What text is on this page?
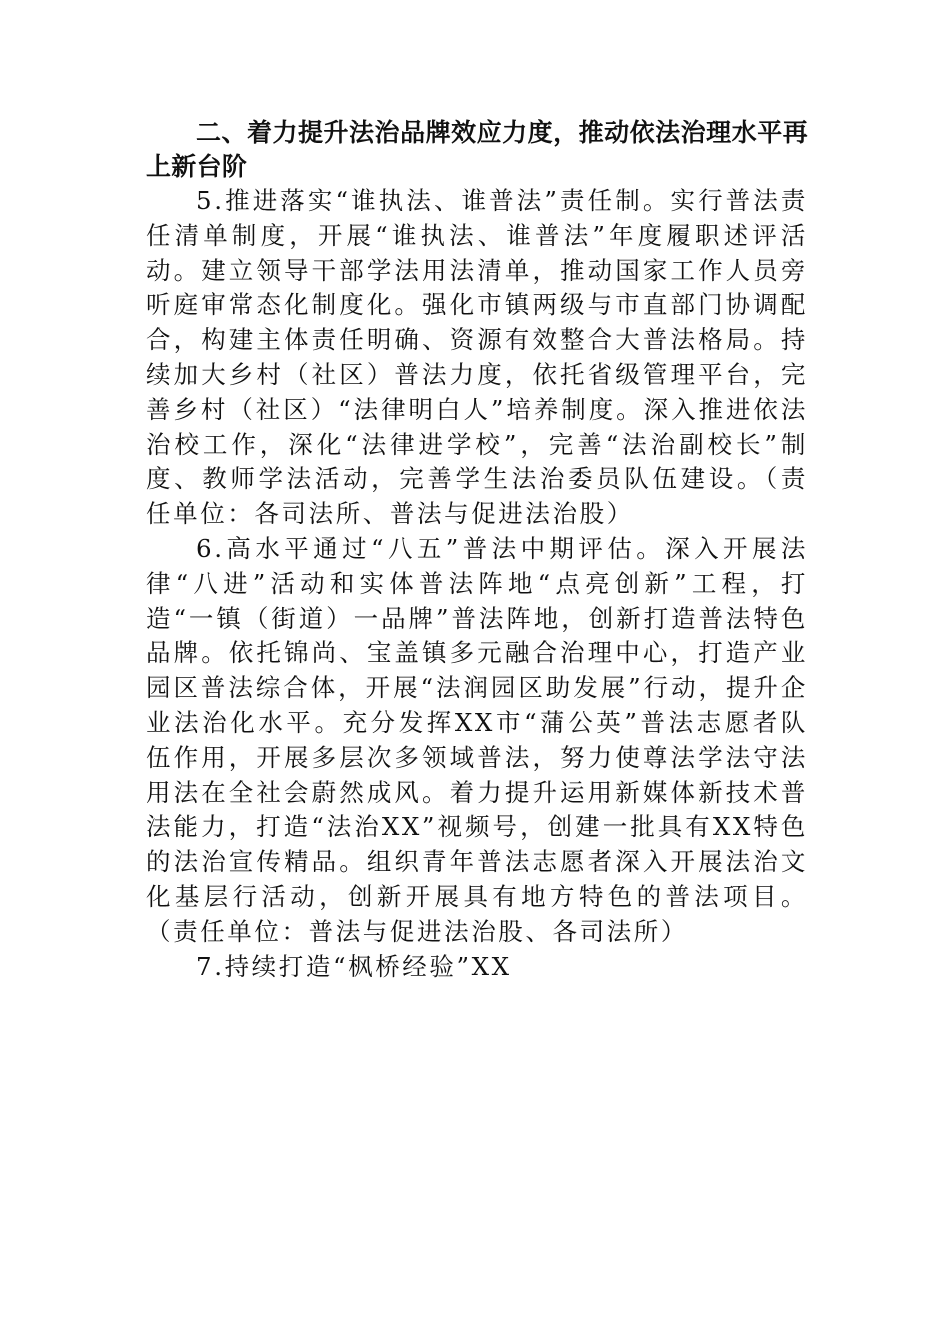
二、着力提升法治品牌效应力度，推动依法治理水平再上新台阶

5.推进落实“谁执法、谁普法”责任制。实行普法责任清单制度，开展“谁执法、谁普法”年度履职述评活动。建立领导干部学法用法清单，推动国家工作人员旁听庭审常态化制度化。强化市镇两级与市直部门协调配合，构建主体责任明确、资源有效整合大普法格局。持续加大乡村（社区）普法力度，依托省级管理平台，完善乡村（社区）“法律明白人”培养制度。深入推进依法治校工作，深化“法律进学校”，完善“法治副校长”制度、教师学法活动，完善学生法治委员队伍建设。（责任单位：各司法所、普法与促进法治股）

6.高水平通过“八五”普法中期评估。深入开展法律“八进”活动和实体普法阵地“点亮创新”工程，打造“一镇（街道）一品牌”普法阵地，创新打造普法特色品牌。依托锦尚、宝盖镇多元融合治理中心，打造产业园区普法综合体，开展“法润园区助发展”行动，提升企业法治化水平。充分发挥XX市“蒲公英”普法志愿者队伍作用，开展多层次多领域普法，努力使尊法学法守法用法在全社会蔚然成风。着力提升运用新媒体新技术普法能力，打造“法治XX”视频号，创建一批具有XX特色的法治宣传精品。组织青年普法志愿者深入开展法治文化基层行活动，创新开展具有地方特色的普法项目。（责任单位：普法与促进法治股、各司法所）

7.持续打造“枫桥经验”XX
